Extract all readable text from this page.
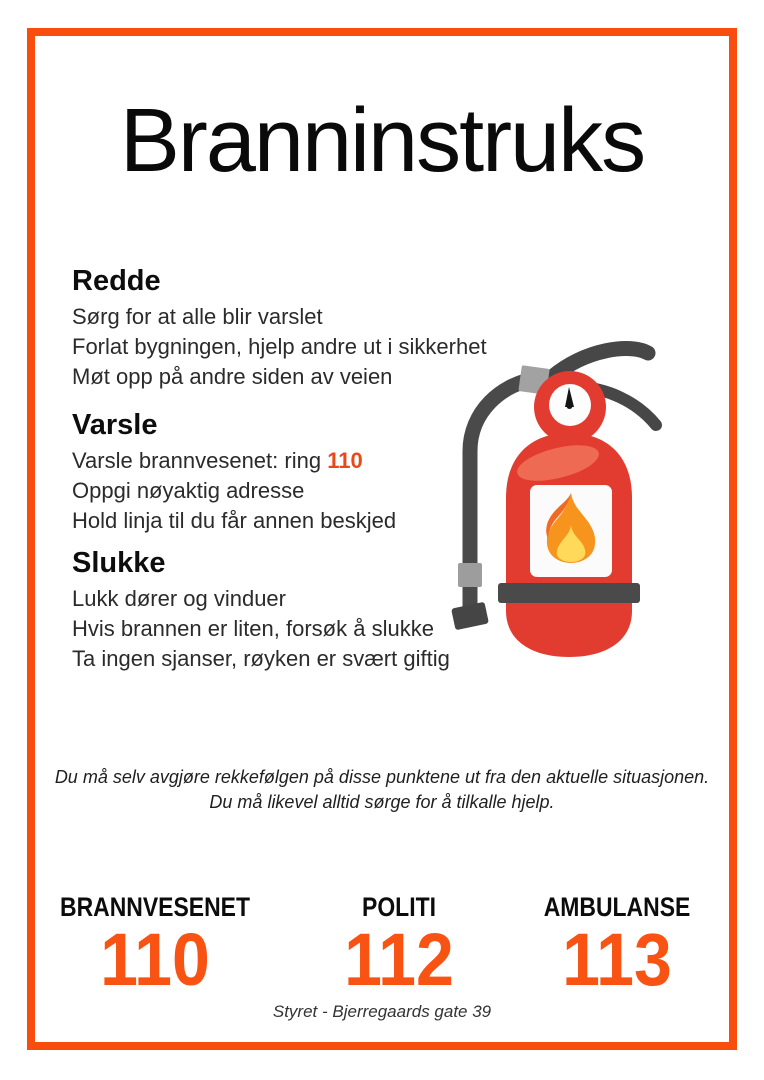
Branninstruks
Redde

Sørg for at alle blir varslet

Forlat bygningen, hjelp andre ut i sikkerhet

Møt opp på andre siden av veien

Varsle

Varsle brannvesenet: ring 110

Oppgi nøyaktig adresse

Hold linja til du får annen beskjed

Slukke

Lukk dører og vinduer

Hvis brannen er liten, forsøk å slukke

Ta ingen sjanser, røyken er svært giftig

Du må selv avgjøre rekkefølgen på disse punktene ut fra den aktuelle situasjonen.

Du må likevel alltid sørge for å tilkalle hjelp.

BRANNVESENET
110
POLITI
112
AMBULANSE
113

Styret - Bjerregaards gate 39
